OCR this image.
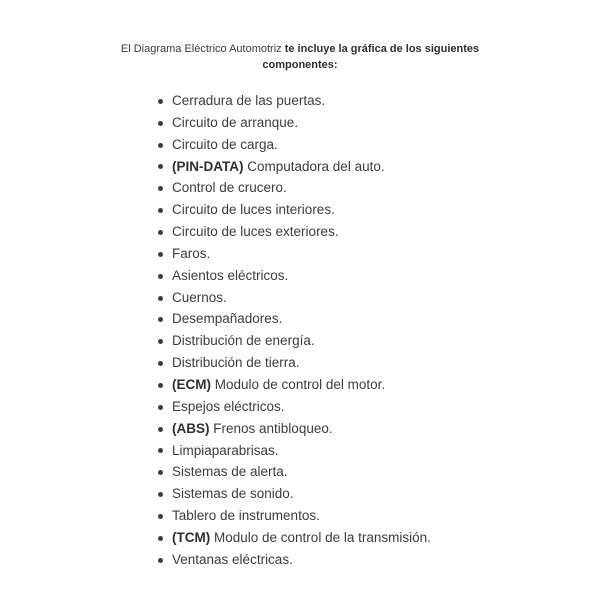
El Diagrama Eléctrico Automotriz te incluye la gráfica de los siguientes
componentes:
Cerradura de las puertas.
Circuito de arranque.
Circuito de carga.
(PIN-DATA) Computadora del auto.
Control de crucero.
Circuito de luces interiores.
Circuito de luces exteriores.
Faros.
Asientos eléctricos.
Cuernos.
Desempañadores.
Distribución de energía.
Distribución de tierra.
(ECM) Modulo de control del motor.
Espejos eléctricos.
(ABS) Frenos antibloqueo.
Limpiaparabrisas.
Sistemas de alerta.
Sistemas de sonido.
Tablero de instrumentos.
(TCM) Modulo de control de la transmisión.
Ventanas eléctricas.
